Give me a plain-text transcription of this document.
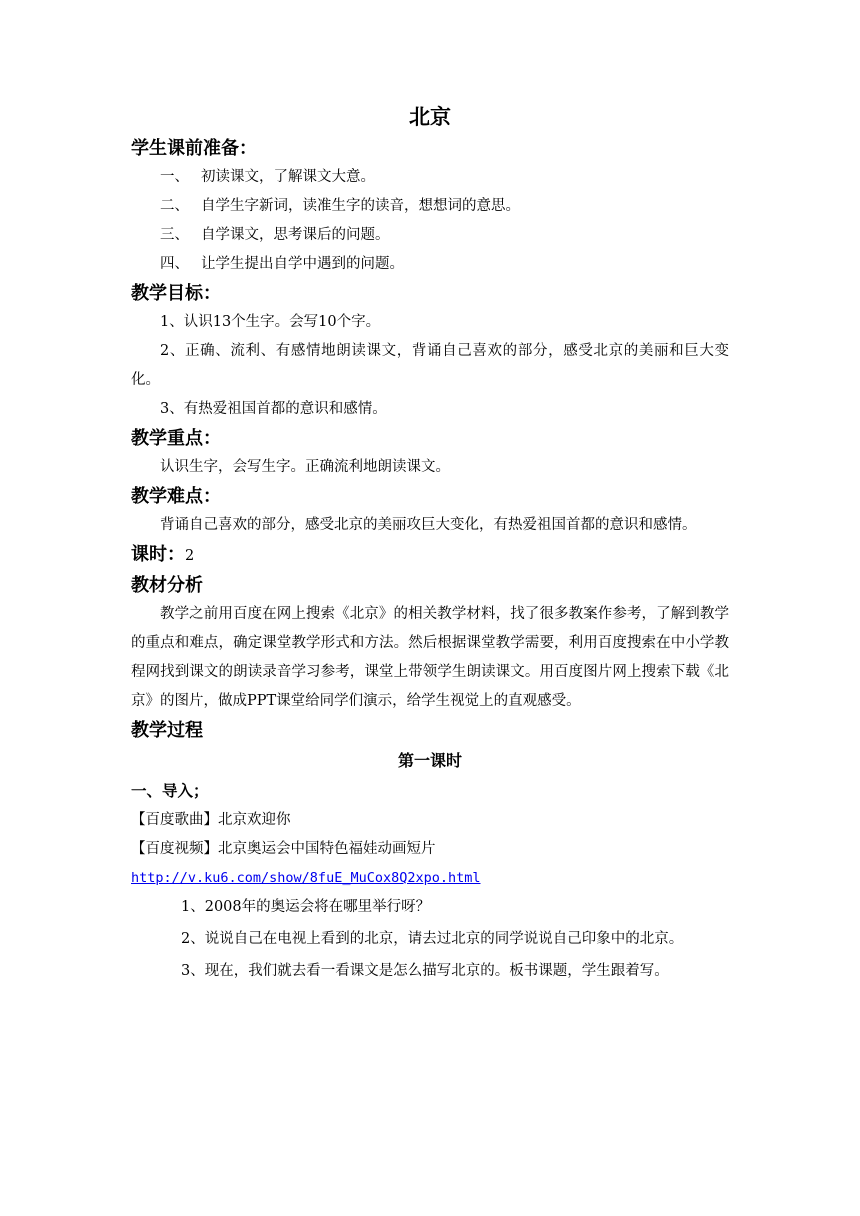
北京

学生课前准备：

一、 初读课文，了解课文大意。
二、 自学生字新词，读准生字的读音，想想词的意思。
三、 自学课文，思考课后的问题。
四、 让学生提出自学中遇到的问题。

教学目标：

1、认识13个生字。会写10个字。

2、正确、流利、有感情地朗读课文，背诵自己喜欢的部分，感受北京的美丽和巨大变化。

3、有热爱祖国首都的意识和感情。

教学重点：

认识生字，会写生字。正确流利地朗读课文。

教学难点：

背诵自己喜欢的部分，感受北京的美丽攻巨大变化，有热爱祖国首都的意识和感情。

课时：2

教材分析

教学之前用百度在网上搜索《北京》的相关教学材料，找了很多教案作参考，了解到教学的重点和难点，确定课堂教学形式和方法。然后根据课堂教学需要，利用百度搜索在中小学教程网找到课文的朗读录音学习参考，课堂上带领学生朗读课文。用百度图片网上搜索下载《北京》的图片，做成PPT课堂给同学们演示，给学生视觉上的直观感受。

教学过程

第一课时

一、导入；

【百度歌曲】北京欢迎你

【百度视频】北京奥运会中国特色福娃动画短片

http://v.ku6.com/show/8fuE_MuCox8Q2xpo.html

1、2008年的奥运会将在哪里举行呀？

2、说说自己在电视上看到的北京，请去过北京的同学说说自己印象中的北京。

3、现在，我们就去看一看课文是怎么描写北京的。板书课题，学生跟着写。
